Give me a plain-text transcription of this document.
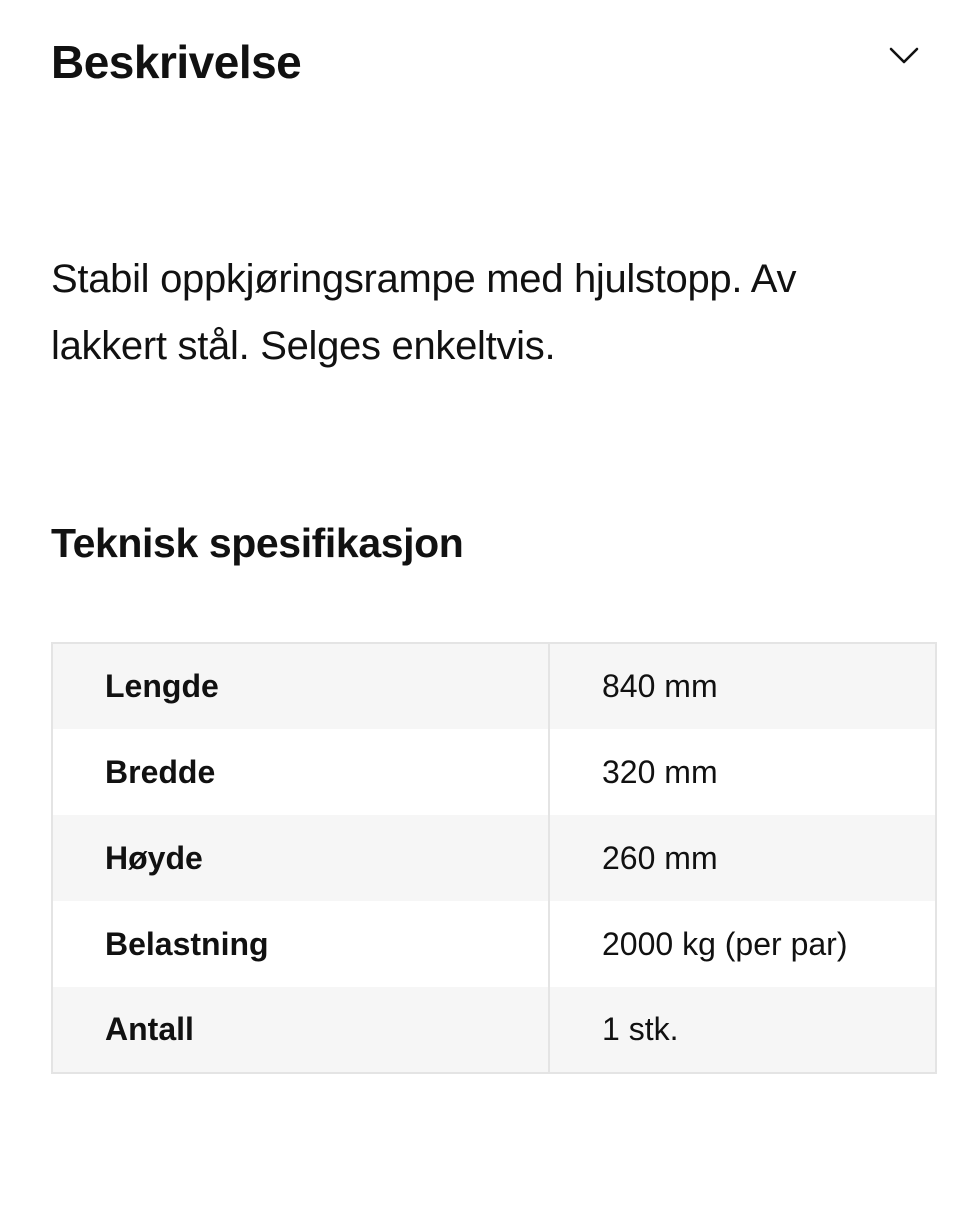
Beskrivelse

Stabil oppkjøringsrampe med hjulstopp. Av lakkert stål. Selges enkeltvis.

Teknisk spesifikasjon
Lengde	840 mm
Bredde	320 mm
Høyde	260 mm
Belastning	2000 kg (per par)
Antall	1 stk.
